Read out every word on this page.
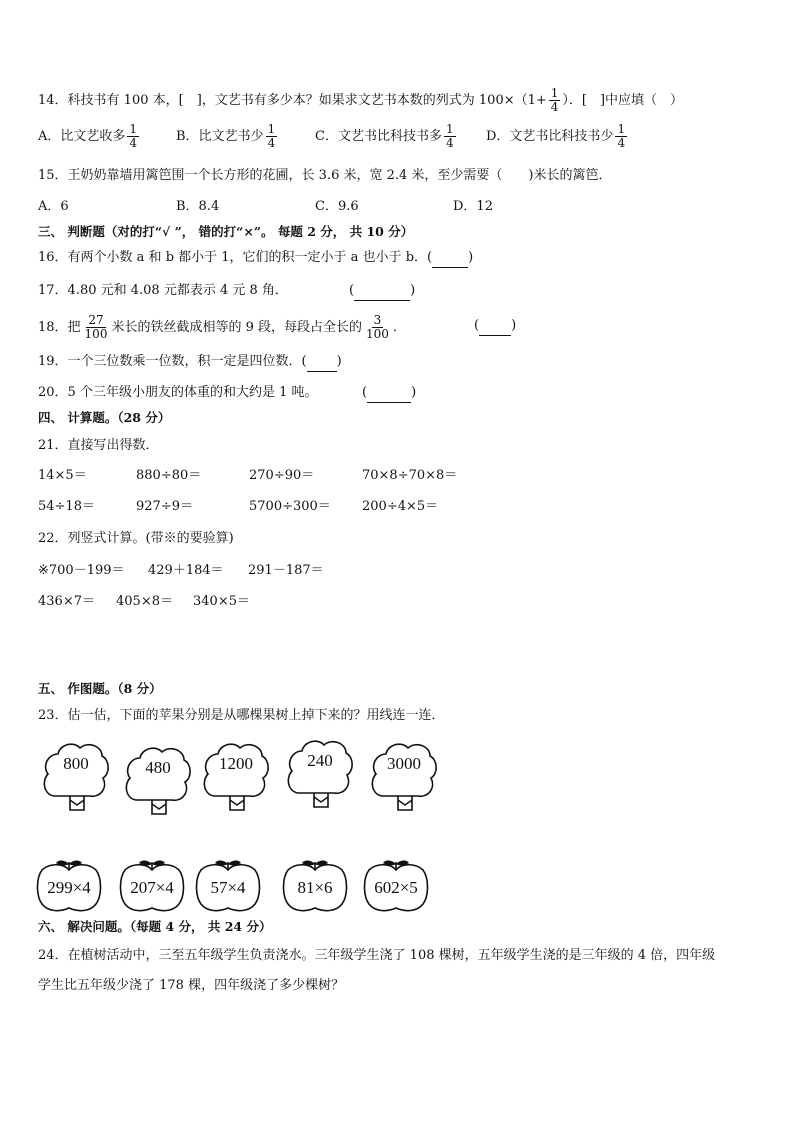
14．科技书有 100 本，[　]，文艺书有多少本？如果求文艺书本数的列式为 $100\times(1+ \frac{1}{4}$ ）．[　]中应填（　）
A．比文艺收多 $\frac{1}{4}$	B．比文艺书少 $\frac{1}{4}$	C．文艺书比科技书多 $\frac{1}{4}$ D．文艺书比科技书少 $\frac{1}{4}$
15．王奶奶靠墙用篱笆围一个长方形的花圃，长 3.6 米，宽 2.4 米，至少需要（　　)米长的篱笆．
A．6	B．8.4	C．9.6	D．12
三、 判断题（对的打“√ ”， 错的打“×”。 每题 2 分， 共 10 分）
16．有两个小数 a 和 b 都小于 1，它们的积一定小于 a 也小于 b．(	)
17．4.80 元和 4.08 元都表示 4 元 8 角．	(	)
18．把 $\frac{27}{100}$ 米长的铁丝截成相等的 9 段，每段占全长的 $\frac{3}{100}$ ．	( )
19．一个三位数乘一位数，积一定是四位数．( )
20．5 个三年级小朋友的体重的和大约是 1 吨。	(	)
四、 计算题。（28 分）
21．直接写出得数．
14×5＝	880÷80＝	270÷90＝	70×8÷70×8＝
54÷18＝	927÷9＝	5700÷300＝ 200÷4×5＝
22．列竖式计算。(带※的要验算)
※700－199＝ 429＋184＝ 291－187＝
436×7＝ 405×8＝ 340×5＝
五、 作图题。（8 分）
23．估一估，下面的苹果分别是从哪棵果树上掉下来的？用线连一连．
800	480	1200	240	3000
299×4	207×4	57×4	81×6	602×5
六、 解决问题。（每题 4 分， 共 24 分）
24．在植树活动中，三至五年级学生负责浇水。三年级学生浇了 108 棵树，五年级学生浇的是三年级的 4 倍，四年级
学生比五年级少浇了 178 棵，四年级浇了多少棵树？
